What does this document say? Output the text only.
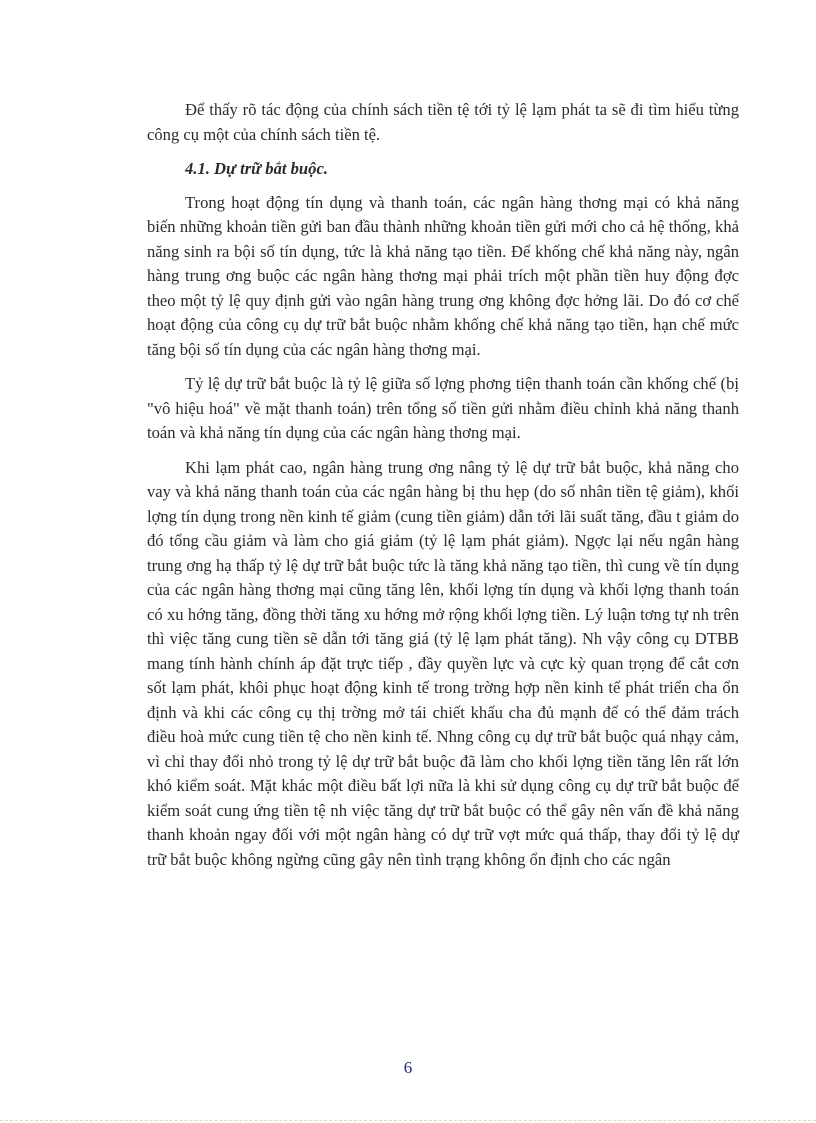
Để thấy rõ tác động của chính sách tiền tệ tới tỷ lệ lạm phát ta sẽ đi tìm hiểu từng công cụ một của chính sách tiền tệ.

4.1. Dự trữ bắt buộc.

Trong hoạt động tín dụng và thanh toán, các ngân hàng thơng mại có khả năng biến những khoản tiền gửi ban đầu thành những khoản tiền gửi mới cho cả hệ thống, khả năng sinh ra bội số tín dụng, tức là khả năng tạo tiền. Để khống chế khả năng này, ngân hàng trung ơng buộc các ngân hàng thơng mại phải trích một phần tiền huy động đợc theo một tỷ lệ quy định gửi vào ngân hàng trung ơng không đợc hởng lãi. Do đó cơ chế hoạt động của công cụ dự trữ bắt buộc nhằm khống chế khả năng tạo tiền, hạn chế mức tăng bội số tín dụng của các ngân hàng thơng mại.

Tỷ lệ dự trữ bắt buộc là tỷ lệ giữa số lợng phơng tiện thanh toán cần khống chế (bị "vô hiệu hoá" về mặt thanh toán) trên tổng số tiền gửi nhằm điều chỉnh khả năng thanh toán và khả năng tín dụng của các ngân hàng thơng mại.

Khi lạm phát cao, ngân hàng trung ơng nâng tỷ lệ dự trữ bắt buộc, khả năng cho vay và khả năng thanh toán của các ngân hàng bị thu hẹp (do số nhân tiền tệ giảm), khối lợng tín dụng trong nền kinh tế giảm (cung tiền giảm) dẫn tới lãi suất tăng, đầu t giảm do đó tổng cầu giảm và làm cho giá giảm (tỷ lệ lạm phát giảm). Ngợc lại nếu ngân hàng trung ơng hạ thấp tỷ lệ dự trữ bắt buộc tức là tăng khả năng tạo tiền, thì cung về tín dụng của các ngân hàng thơng mại cũng tăng lên, khối lợng tín dụng và khối lợng thanh toán có xu hớng tăng, đồng thời tăng xu hớng mở rộng khối lợng tiền. Lý luận tơng tự nh trên thì việc tăng cung tiền sẽ dẫn tới tăng giá (tỷ lệ lạm phát tăng). Nh vậy công cụ DTBB mang tính hành chính áp đặt trực tiếp , đầy quyền lực và cực kỳ quan trọng để cắt cơn sốt lạm phát, khôi phục hoạt động kinh tế trong trờng hợp nền kinh tế phát triển cha ổn định và khi các công cụ thị trờng mở tái chiết khấu cha đủ mạnh để có thể đảm trách điều hoà mức cung tiền tệ cho nền kinh tế. Nhng công cụ dự trữ bắt buộc quá nhạy cảm, vì chỉ thay đổi nhỏ trong tỷ lệ dự trữ bắt buộc đã làm cho khối lợng tiền tăng lên rất lớn khó kiểm soát. Mặt khác một điều bất lợi nữa là khi sử dụng công cụ dự trữ bắt buộc để kiểm soát cung ứng tiền tệ nh việc tăng dự trữ bắt buộc có thể gây nên vấn đề khả năng thanh khoản ngay đối với một ngân hàng có dự trữ vợt mức quá thấp, thay đổi tỷ lệ dự trữ bắt buộc không ngừng cũng gây nên tình trạng không ổn định cho các ngân

6
